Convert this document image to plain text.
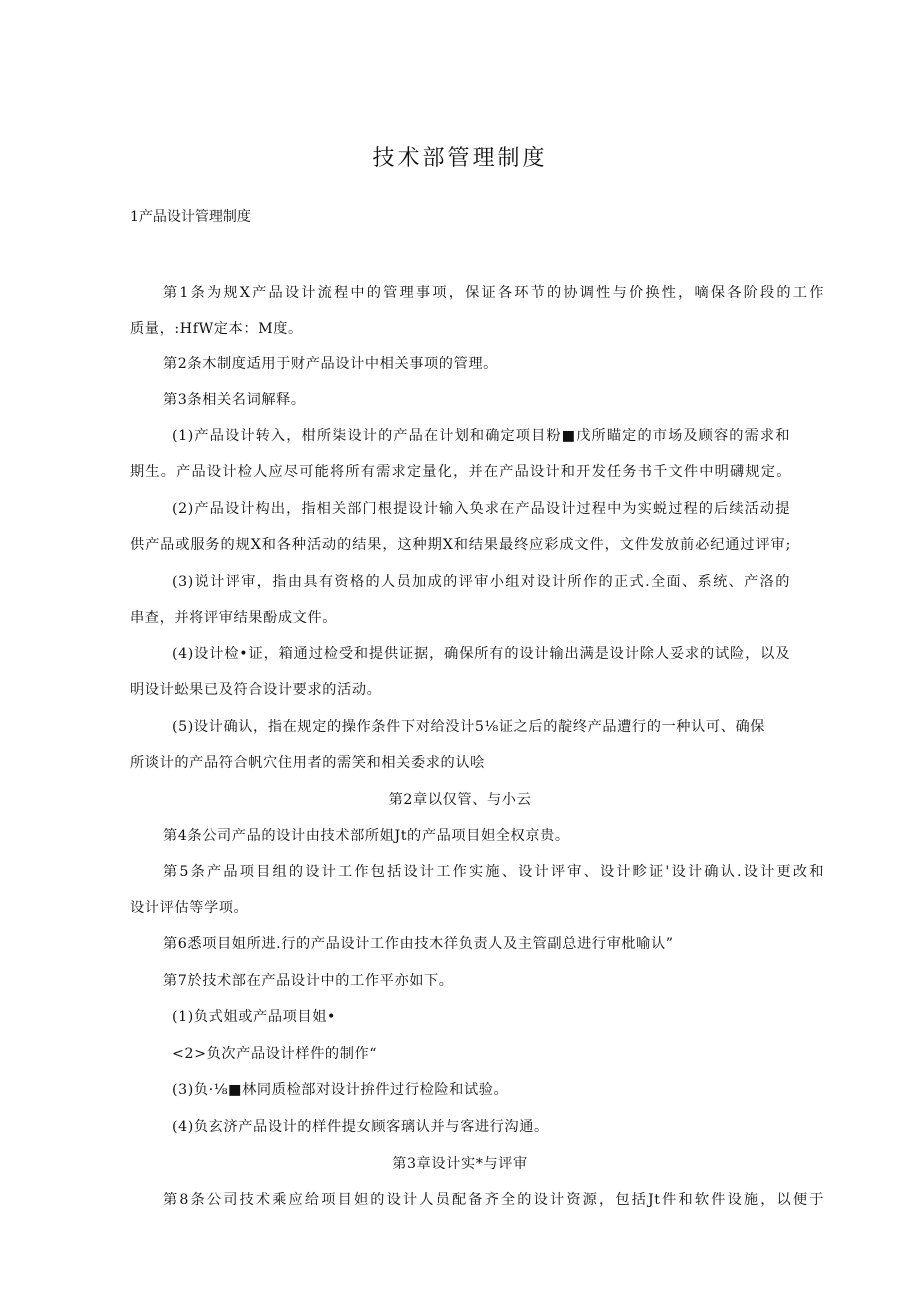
技术部管理制度
1产品设计管理制度
第1条为规X产品设计流程中的管理事项，保证各环节的协调性与价换性，嘀保各阶段的工作
质量，:HfW定本：M度。
第2条木制度适用于财产品设计中相关事项的管理。
第3条相关名词解释。
(1)产品设计转入，柑所柒设计的产品在计划和确定项目粉■戊所瞄定的市场及顾容的需求和
期生。产品设计检人应尽可能将所有需求定量化，并在产品设计和开发任务书千文件中明礴规定。
(2)产品设计构出，指相关部门根提设计输入奂求在产品设计过程中为实蜕过程的后续活动提
供产品或服务的规X和各种活动的结果，这种期X和结果最终应彩成文件，文件发放前必纪通过评审;
(3)说计评审，指由具有资格的人员加成的评审小组对设计所作的正式.全面、系统、产洛的
串查，并将评审结果酚成文件。
(4)设计检•证，箱通过检受和提供证据，确保所有的设计输出满是设计除人妥求的试险，以及
明设计蚣果已及符合设计要求的活动。
(5)设计确认，指在规定的操作条件下对给没计5⅛证之后的靛终产品遭行的一种认可、确保
所谈计的产品符合帆穴住用者的需笑和相关委求的认哙
第2章以仅管、与小云
第4条公司产品的设计由技术部所姐Jt的产品项目妲全权京贵。
第5条产品项目组的设计工作包括设计工作实施、设计评审、设计畛证'设计确认.设计更改和
设计评估等学项。
第6悉项目姐所进.行的产品设计工作由技木徉负责人及主管副总进行审枇喻认”
第7於技术部在产品设计中的工作平亦如下。
(1)负式姐或产品项目姐•
<2>负次产品设计样件的制作“
(3)负·⅛■林同质检部对设计拚件过行检险和试验。
(4)负玄济产品设计的样件提女顾客璃认并与客进行沟通。
第3章设计实*与评审
第8条公司技术乘应给项目妲的设计人员配备齐全的设计资源，包括Jt件和软件设施，以便于
